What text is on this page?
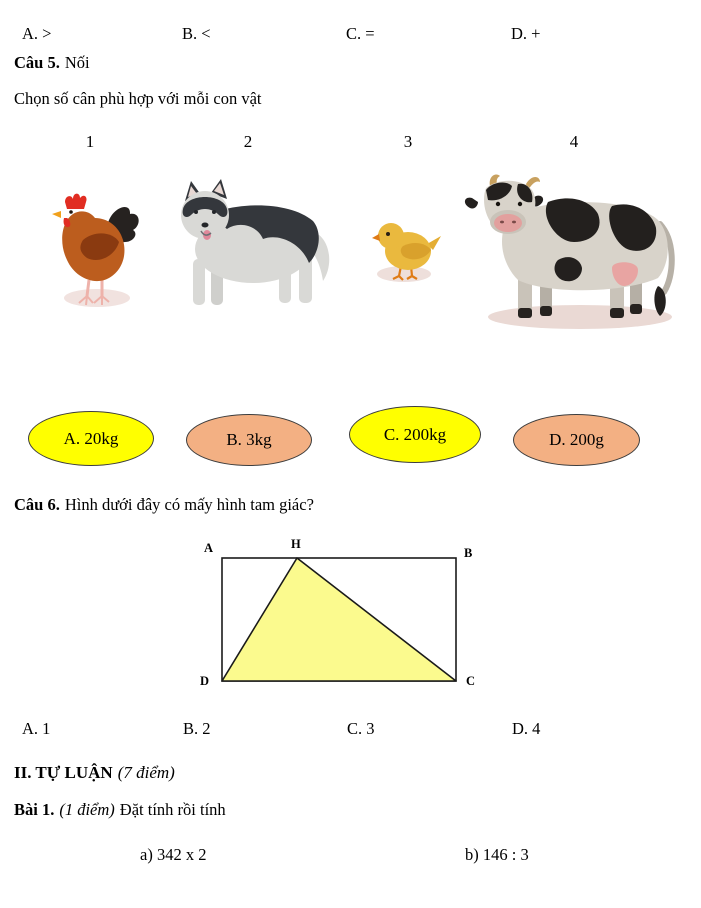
A. >	B. <	C. =	D. +
Câu 5. Nối
Chọn số cân phù hợp với mỗi con vật
1	2	3	4
A. 20kg	B. 3kg	C. 200kg	D. 200g
Câu 6. Hình dưới đây có mấy hình tam giác?
A	H
B
D	C
A. 1	B. 2	C. 3	D. 4
II. TỰ LUẬN (7 điểm)
Bài 1. (1 điểm) Đặt tính rồi tính
a) 342 x 2	b) 146 : 3
